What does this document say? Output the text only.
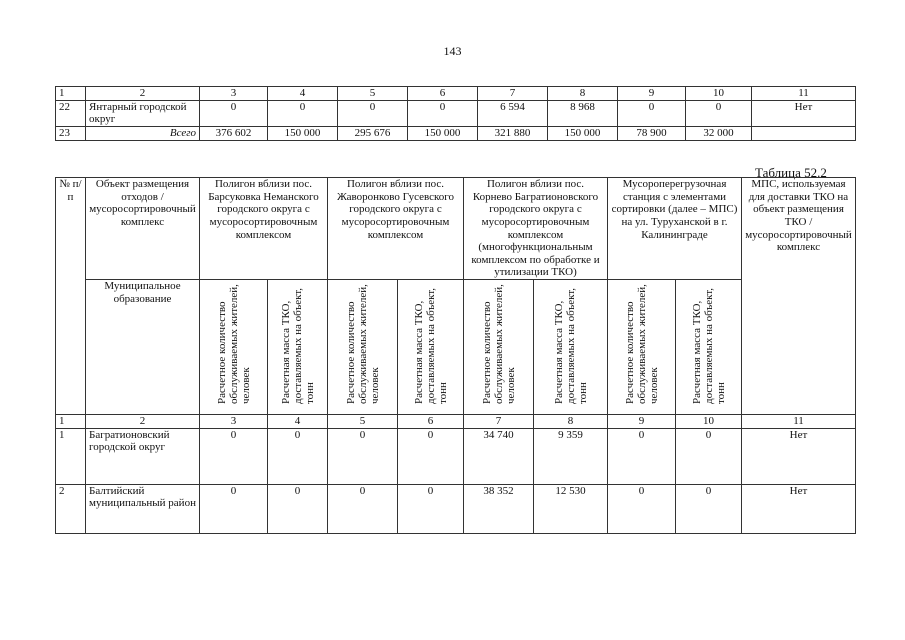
143
1	2	3	4	5	6	7	8	9	10	11
22	Янтарный городской округ	0	0	0	0	6 594	8 968	0	0	Нет
23	Всего	376 602	150 000	295 676	150 000	321 880	150 000	78 900	32 000	
Таблица 52.2
№ п/п	Объект размещения отходов / мусоросортировочный комплекс	Полигон вблизи пос. Барсуковка Неманского городского округа с мусоросортировочным комплексом		Полигон вблизи пос. Жаворонково Гусевского городского округа с мусоросортировочным комплексом		Полигон вблизи пос. Корнево Багратионовского городского округа с мусоросортировочным комплексом (многофункциональным комплексом по обработке и утилизации ТКО)		Мусороперегрузочная станция с элементами сортировки (далее – МПС) на ул. Туруханской в г. Калининграде		МПС, используемая для доставки ТКО на объект размещения ТКО / мусоросортировочный комплекс
	Муниципальное образование	Расчетное количество обслуживаемых жителей, человек	Расчетная масса ТКО, доставляемых на объект, тонн	Расчетное количество обслуживаемых жителей, человек	Расчетная масса ТКО, доставляемых на объект, тонн	Расчетное количество обслуживаемых жителей, человек	Расчетная масса ТКО, доставляемых на объект, тонн	Расчетное количество обслуживаемых жителей, человек	Расчетная масса ТКО, доставляемых на объект, тонн	
1	2	3	4	5	6	7	8	9	10	11
1	Багратионовский городской округ	0	0	0	0	34 740	9 359	0	0	Нет
2	Балтийский муниципальный район	0	0	0	0	38 352	12 530	0	0	Нет
